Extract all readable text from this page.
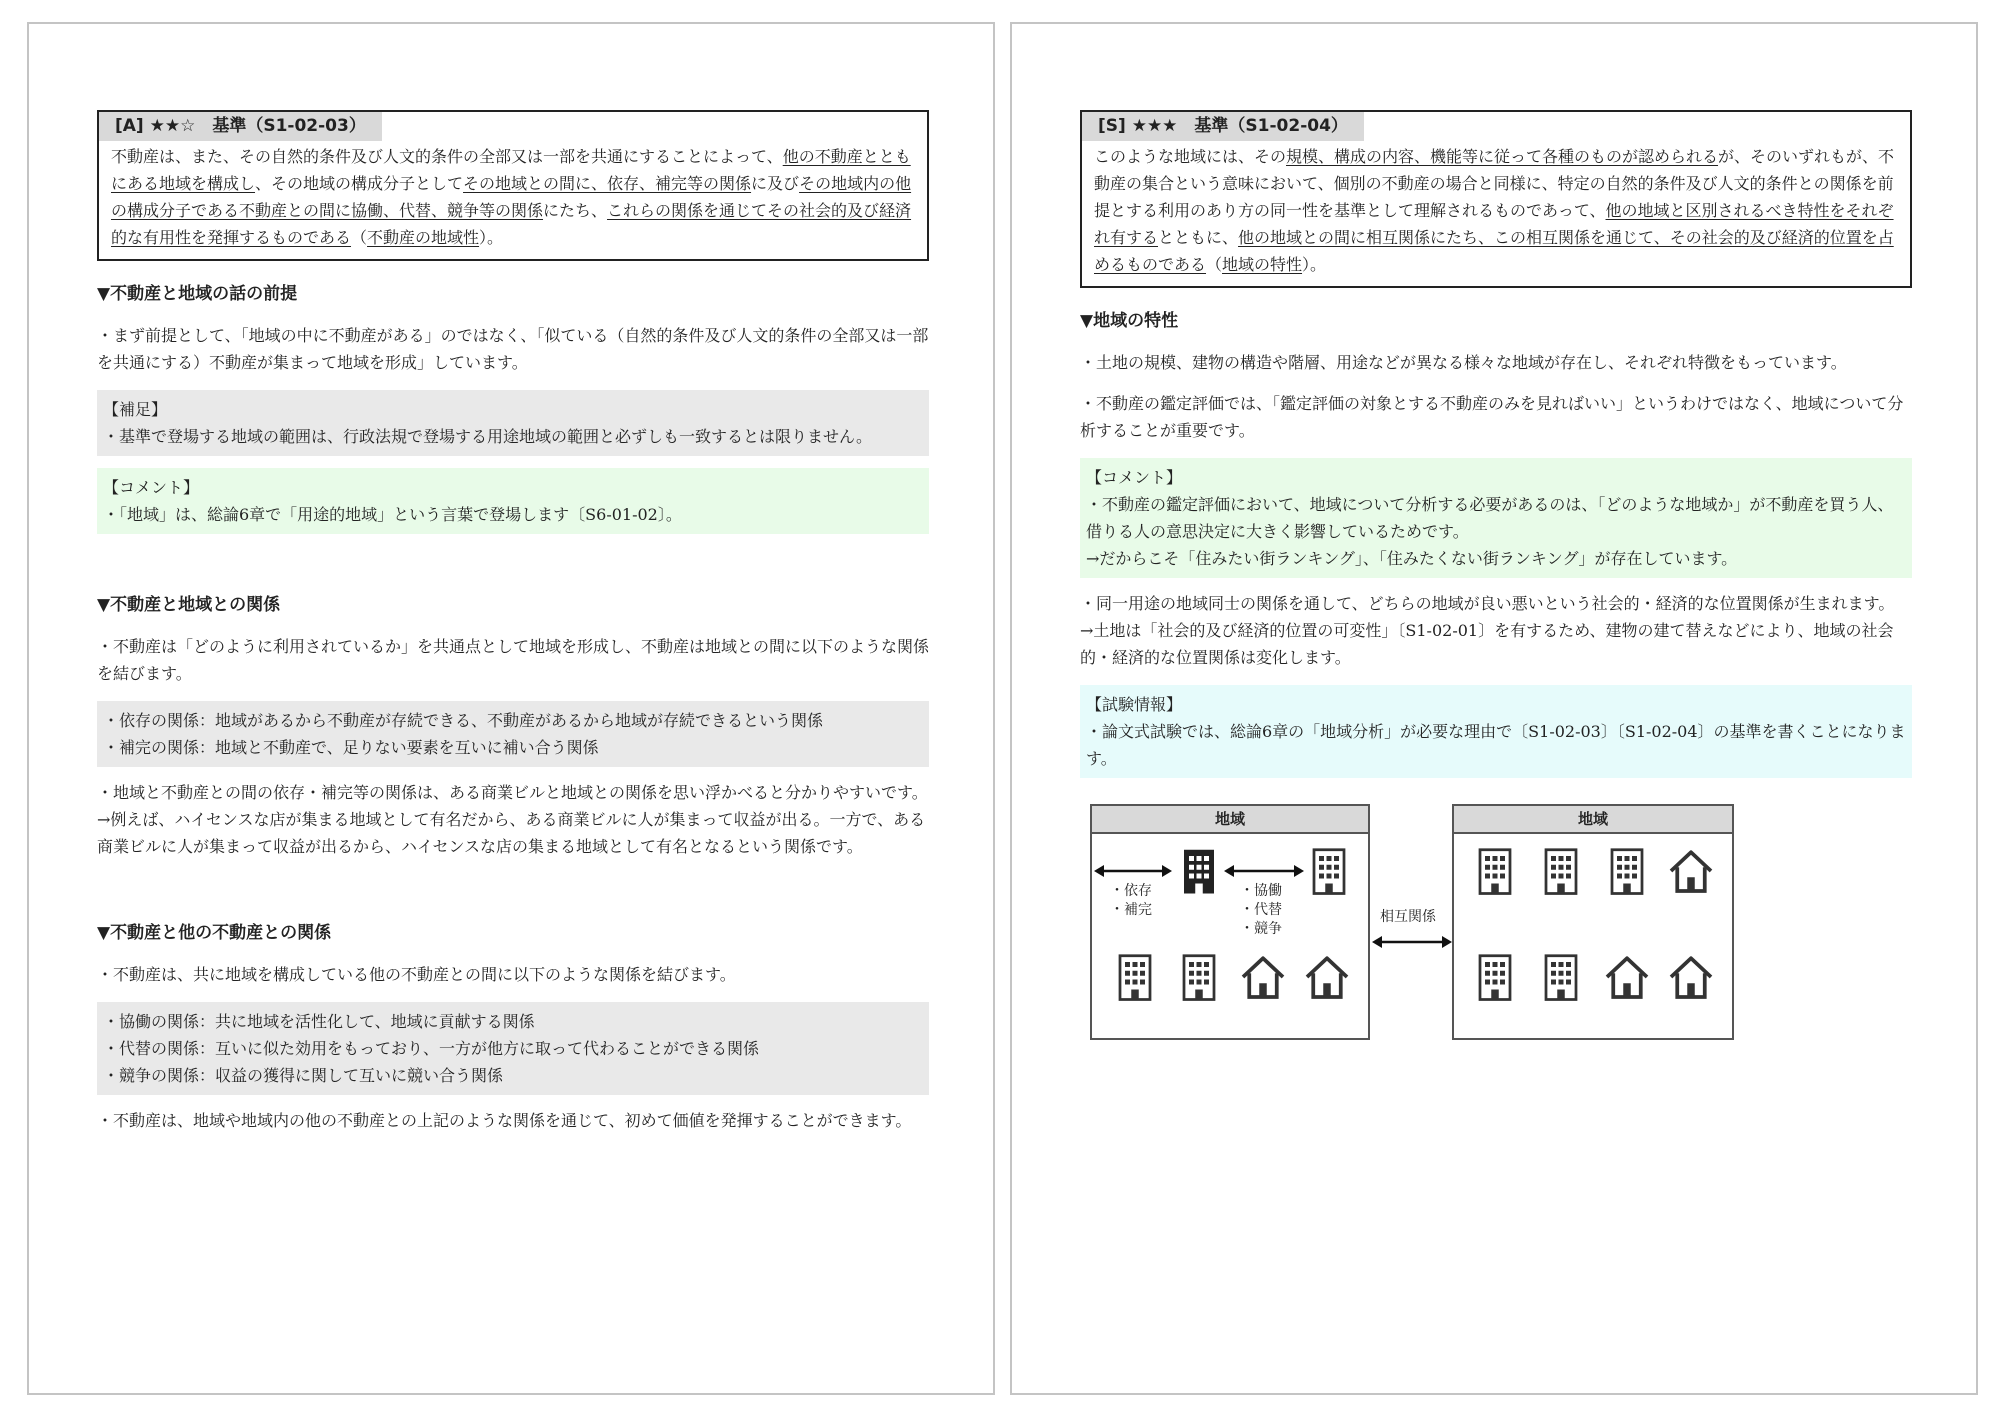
[A] ★★☆　基準（S1-02-03）
不動産は、また、その自然的条件及び人文的条件の全部又は一部を共通にすることによって、他の不動産とともにある地域を構成し、その地域の構成分子としてその地域との間に、依存、補完等の関係に及びその地域内の他の構成分子である不動産との間に協働、代替、競争等の関係にたち、これらの関係を通じてその社会的及び経済的な有用性を発揮するものである（不動産の地域性）。
▼不動産と地域の話の前提
・まず前提として、「地域の中に不動産がある」のではなく、「似ている（自然的条件及び人文的条件の全部又は一部を共通にする）不動産が集まって地域を形成」しています。
【補足】
・基準で登場する地域の範囲は、行政法規で登場する用途地域の範囲と必ずしも一致するとは限りません。
【コメント】
・「地域」は、総論6章で「用途的地域」という言葉で登場します〔S6-01-02〕。
▼不動産と地域との関係
・不動産は「どのように利用されているか」を共通点として地域を形成し、不動産は地域との間に以下のような関係を結びます。
・依存の関係：地域があるから不動産が存続できる、不動産があるから地域が存続できるという関係
・補完の関係：地域と不動産で、足りない要素を互いに補い合う関係
・地域と不動産との間の依存・補完等の関係は、ある商業ビルと地域との関係を思い浮かべると分かりやすいです。
→例えば、ハイセンスな店が集まる地域として有名だから、ある商業ビルに人が集まって収益が出る。一方で、ある商業ビルに人が集まって収益が出るから、ハイセンスな店の集まる地域として有名となるという関係です。
▼不動産と他の不動産との関係
・不動産は、共に地域を構成している他の不動産との間に以下のような関係を結びます。
・協働の関係：共に地域を活性化して、地域に貢献する関係
・代替の関係：互いに似た効用をもっており、一方が他方に取って代わることができる関係
・競争の関係：収益の獲得に関して互いに競い合う関係
・不動産は、地域や地域内の他の不動産との上記のような関係を通じて、初めて価値を発揮することができます。
[S] ★★★　基準（S1-02-04）
このような地域には、その規模、構成の内容、機能等に従って各種のものが認められるが、そのいずれもが、不動産の集合という意味において、個別の不動産の場合と同様に、特定の自然的条件及び人文的条件との関係を前提とする利用のあり方の同一性を基準として理解されるものであって、他の地域と区別されるべき特性をそれぞれ有するとともに、他の地域との間に相互関係にたち、この相互関係を通じて、その社会的及び経済的位置を占めるものである（地域の特性）。
▼地域の特性
・土地の規模、建物の構造や階層、用途などが異なる様々な地域が存在し、それぞれ特徴をもっています。
・不動産の鑑定評価では、「鑑定評価の対象とする不動産のみを見ればいい」というわけではなく、地域について分析することが重要です。
【コメント】
・不動産の鑑定評価において、地域について分析する必要があるのは、「どのような地域か」が不動産を買う人、借りる人の意思決定に大きく影響しているためです。
→だからこそ「住みたい街ランキング」、「住みたくない街ランキング」が存在しています。
・同一用途の地域同士の関係を通して、どちらの地域が良い悪いという社会的・経済的な位置関係が生まれます。
→土地は「社会的及び経済的位置の可変性」〔S1-02-01〕を有するため、建物の建て替えなどにより、地域の社会的・経済的な位置関係は変化します。
【試験情報】
・論文式試験では、総論6章の「地域分析」が必要な理由で〔S1-02-03〕〔S1-02-04〕の基準を書くことになります。
地域
・依存
・補完
・協働
・代替
・競争
相互関係
地域
